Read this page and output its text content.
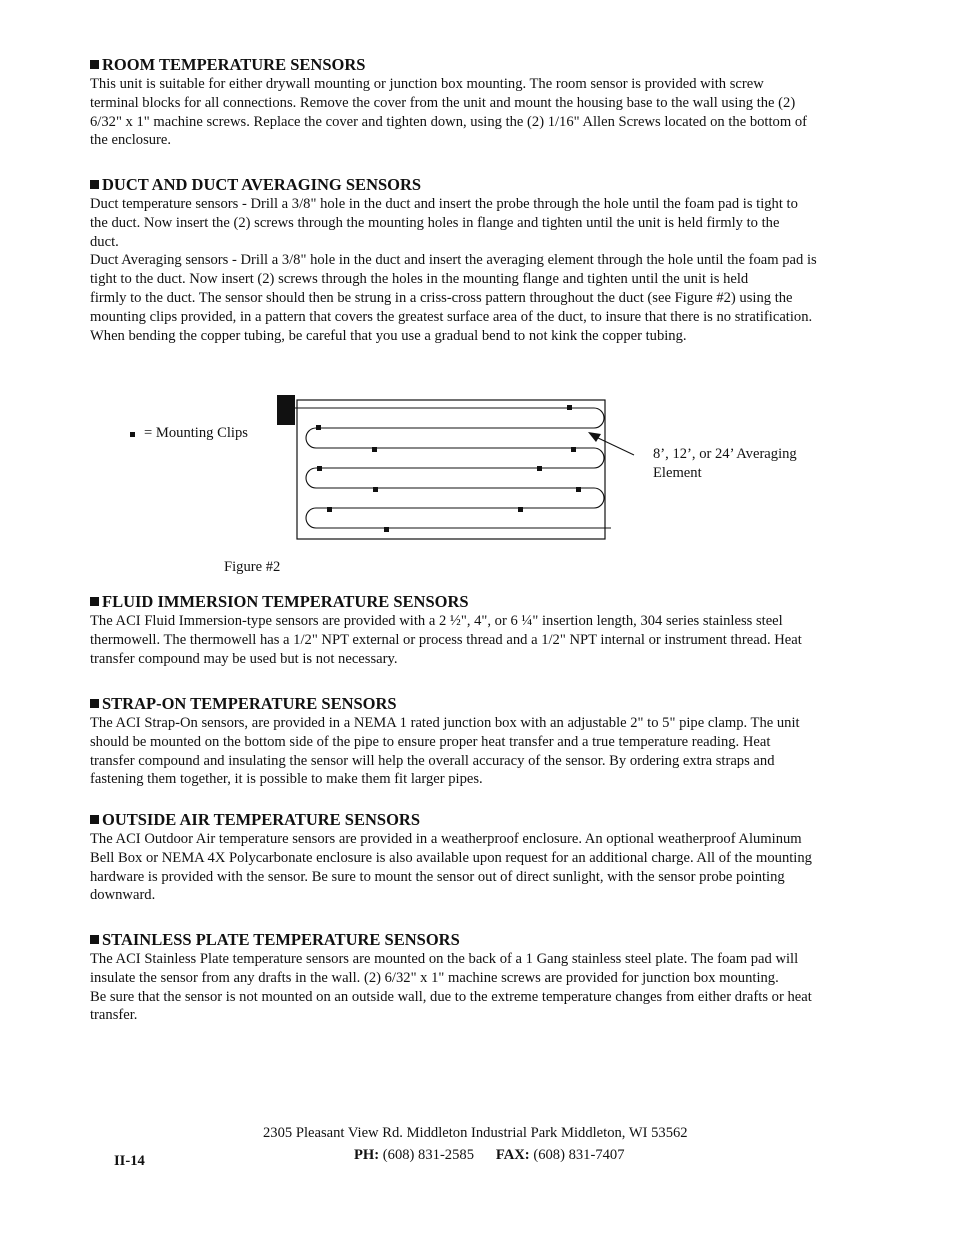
ROOM TEMPERATURE SENSORS

This unit is suitable for either drywall mounting or junction box mounting. The room sensor is provided with screw
terminal blocks for all connections. Remove the cover from the unit and mount the housing base to the wall using the (2)
6/32" x 1" machine screws. Replace the cover and tighten down, using the (2) 1/16" Allen Screws located on the bottom of
the enclosure.

DUCT AND DUCT AVERAGING SENSORS

Duct temperature sensors - Drill a 3/8" hole in the duct and insert the probe through the hole until the foam pad is tight to
the duct. Now insert the (2) screws through the mounting holes in flange and tighten until the unit is held firmly to the
duct.
Duct Averaging sensors - Drill a 3/8" hole in the duct and insert the averaging element through the hole until the foam pad is
tight to the duct. Now insert (2) screws through the holes in the mounting flange and tighten until the unit is held
firmly to the duct. The sensor should then be strung in a criss-cross pattern throughout the duct (see Figure #2) using the
mounting clips provided, in a pattern that covers the greatest surface area of the duct, to insure that there is no stratification.
When bending the copper tubing, be careful that you use a gradual bend to not kink the copper tubing.

= Mounting Clips
8’, 12’, or 24’ Averaging
Element
Figure #2
FLUID IMMERSION TEMPERATURE SENSORS

The ACI Fluid Immersion-type sensors are provided with a 2 ½", 4", or 6 ¼" insertion length, 304 series stainless steel
thermowell. The thermowell has a 1/2" NPT external or process thread and a 1/2" NPT internal or instrument thread. Heat
transfer compound may be used but is not necessary.

STRAP-ON TEMPERATURE SENSORS

The ACI Strap-On sensors, are provided in a NEMA 1 rated junction box with an adjustable 2" to 5" pipe clamp. The unit
should be mounted on the bottom side of the pipe to ensure proper heat transfer and a true temperature reading. Heat
transfer compound and insulating the sensor will help the overall accuracy of the sensor. By ordering extra straps and
fastening them together, it is possible to make them fit larger pipes.

OUTSIDE AIR TEMPERATURE SENSORS

The ACI Outdoor Air temperature sensors are provided in a weatherproof enclosure. An optional weatherproof Aluminum
Bell Box or NEMA 4X Polycarbonate enclosure is also available upon request for an additional charge. All of the mounting
hardware is provided with the sensor. Be sure to mount the sensor out of direct sunlight, with the sensor probe pointing
downward.

STAINLESS PLATE TEMPERATURE SENSORS

The ACI Stainless Plate temperature sensors are mounted on the back of a 1 Gang stainless steel plate. The foam pad will
insulate the sensor from any drafts in the wall. (2) 6/32" x 1" machine screws are provided for junction box mounting.
Be sure that the sensor is not mounted on an outside wall, due to the extreme temperature changes from either drafts or heat
transfer.

2305 Pleasant View Rd. Middleton Industrial Park Middleton, WI 53562
PH: (608) 831-2585 FAX: (608) 831-7407
II-14
